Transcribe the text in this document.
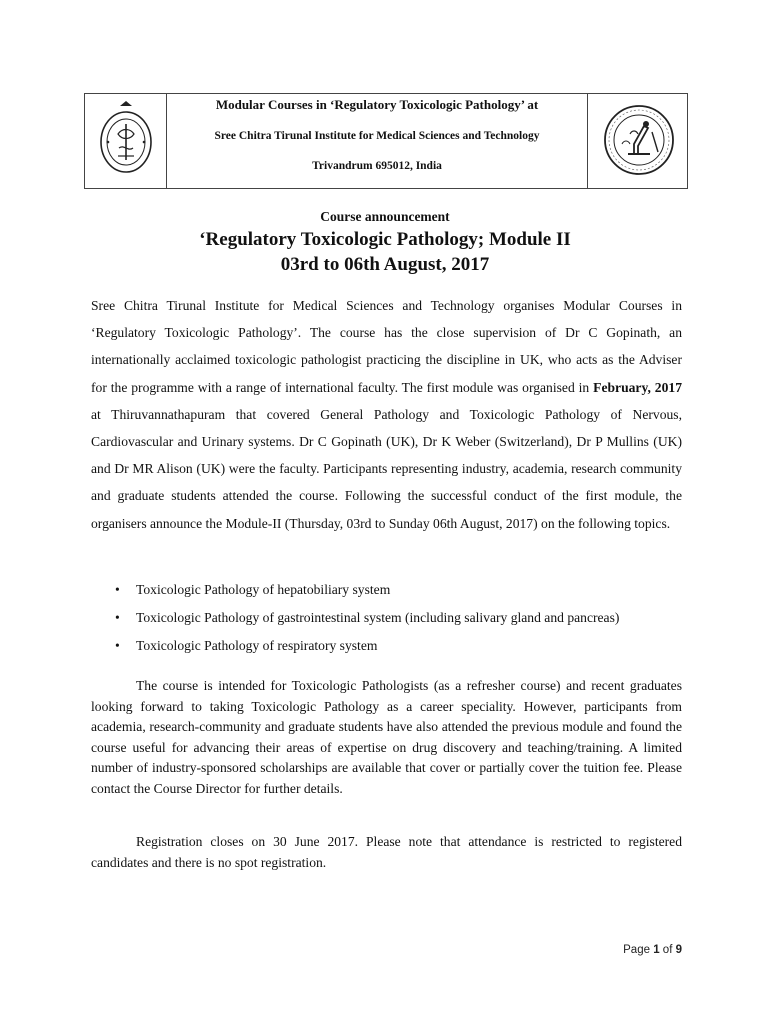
Modular Courses in ‘Regulatory Toxicologic Pathology’ at
Sree Chitra Tirunal Institute for Medical Sciences and Technology
Trivandrum 695012, India
Course announcement
‘Regulatory Toxicologic Pathology; Module II
03rd to 06th August, 2017
Sree Chitra Tirunal Institute for Medical Sciences and Technology organises Modular Courses in ‘Regulatory Toxicologic Pathology’. The course has the close supervision of Dr C Gopinath, an internationally acclaimed toxicologic pathologist practicing the discipline in UK, who acts as the Adviser for the programme with a range of international faculty. The first module was organised in February, 2017 at Thiruvannathapuram that covered General Pathology and Toxicologic Pathology of Nervous, Cardiovascular and Urinary systems. Dr C Gopinath (UK), Dr K Weber (Switzerland), Dr P Mullins (UK) and Dr MR Alison (UK) were the faculty. Participants representing industry, academia, research community and graduate students attended the course. Following the successful conduct of the first module, the organisers announce the Module-II (Thursday, 03rd to Sunday 06th August, 2017) on the following topics.
• Toxicologic Pathology of hepatobiliary system
• Toxicologic Pathology of gastrointestinal system (including salivary gland and pancreas)
• Toxicologic Pathology of respiratory system
The course is intended for Toxicologic Pathologists (as a refresher course) and recent graduates looking forward to taking Toxicologic Pathology as a career speciality. However, participants from academia, research-community and graduate students have also attended the previous module and found the course useful for advancing their areas of expertise on drug discovery and teaching/training. A limited number of industry-sponsored scholarships are available that cover or partially cover the tuition fee. Please contact the Course Director for further details.
Registration closes on 30 June 2017. Please note that attendance is restricted to registered candidates and there is no spot registration.
Page 1 of 9
